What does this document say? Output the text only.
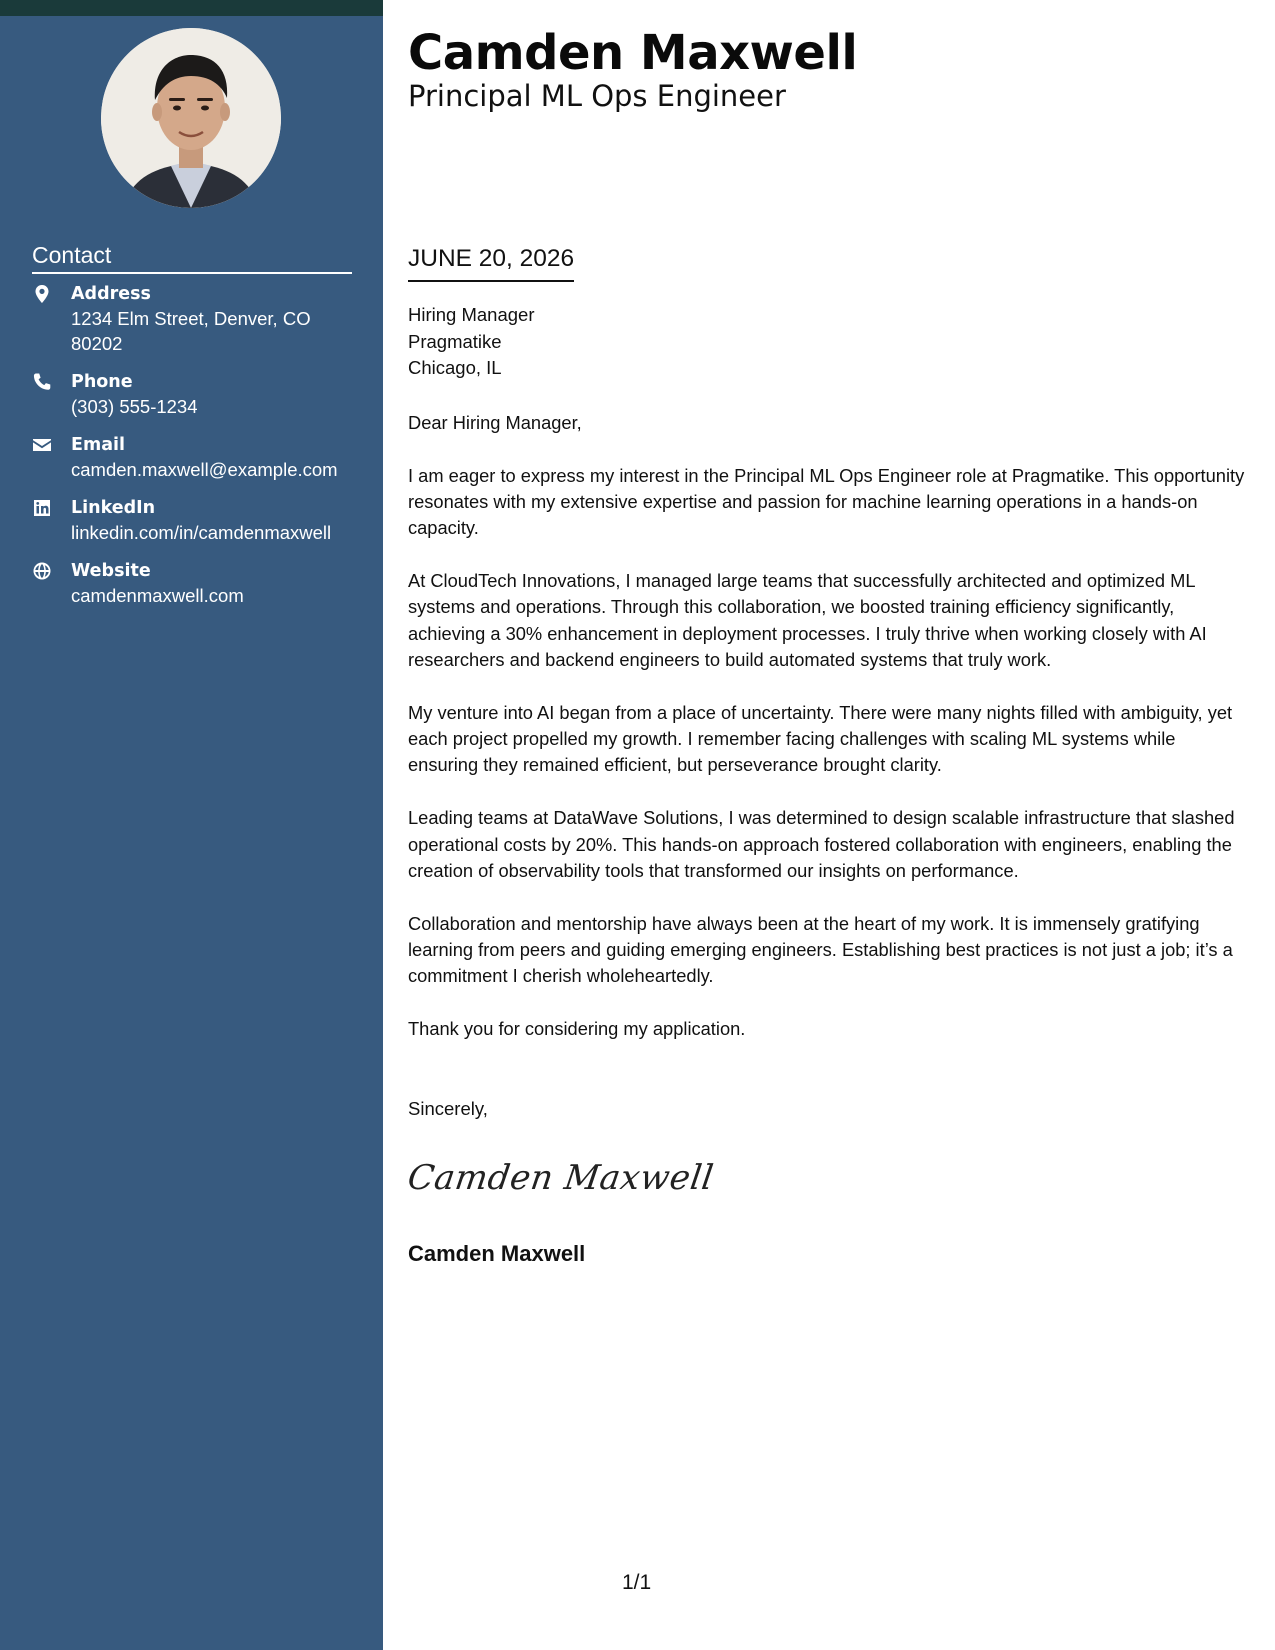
Contact
Address
1234 Elm Street, Denver, CO 80202
Phone
(303) 555-1234
Email
camden.maxwell@example.com
LinkedIn
linkedin.com/in/camdenmaxwell
Website
camdenmaxwell.com
Camden Maxwell
Principal ML Ops Engineer
JUNE 20, 2026
Hiring Manager
Pragmatike
Chicago, IL

Dear Hiring Manager,

I am eager to express my interest in the Principal ML Ops Engineer role at Pragmatike. This opportunity resonates with my extensive expertise and passion for machine learning operations in a hands-on capacity.

At CloudTech Innovations, I managed large teams that successfully architected and optimized ML systems and operations. Through this collaboration, we boosted training efficiency significantly, achieving a 30% enhancement in deployment processes. I truly thrive when working closely with AI researchers and backend engineers to build automated systems that truly work.

My venture into AI began from a place of uncertainty. There were many nights filled with ambiguity, yet each project propelled my growth. I remember facing challenges with scaling ML systems while ensuring they remained efficient, but perseverance brought clarity.

Leading teams at DataWave Solutions, I was determined to design scalable infrastructure that slashed operational costs by 20%. This hands-on approach fostered collaboration with engineers, enabling the creation of observability tools that transformed our insights on performance.

Collaboration and mentorship have always been at the heart of my work. It is immensely gratifying learning from peers and guiding emerging engineers. Establishing best practices is not just a job; it’s a commitment I cherish wholeheartedly.

Thank you for considering my application.

Sincerely,
Camden Maxwell
Camden Maxwell
1/1
